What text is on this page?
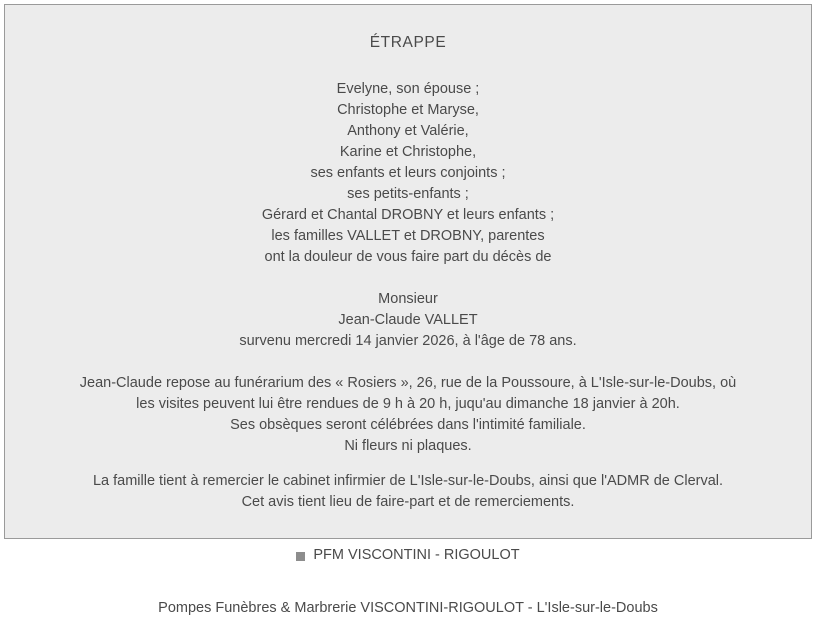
ÉTRAPPE

Evelyne, son épouse ;

Christophe et Maryse,

Anthony et Valérie,

Karine et Christophe,

ses enfants et leurs conjoints ;

ses petits-enfants ;

Gérard et Chantal DROBNY et leurs enfants ;

les familles VALLET et DROBNY, parentes

ont la douleur de vous faire part du décès de

Monsieur

Jean-Claude VALLET

survenu mercredi 14 janvier 2026, à l'âge de 78 ans.

Jean-Claude repose au funérarium des « Rosiers », 26, rue de la Poussoure, à L'Isle-sur-le-Doubs, où

les visites peuvent lui être rendues de 9 h à 20 h, juqu'au dimanche 18 janvier à 20h.

Ses obsèques seront célébrées dans l'intimité familiale.

Ni fleurs ni plaques.

La famille tient à remercier le cabinet infirmier de L'Isle-sur-le-Doubs, ainsi que l'ADMR de Clerval.

Cet avis tient lieu de faire-part et de remerciements.

PFM VISCONTINI - RIGOULOT
Pompes Funèbres & Marbrerie VISCONTINI-RIGOULOT - L'Isle-sur-le-Doubs
